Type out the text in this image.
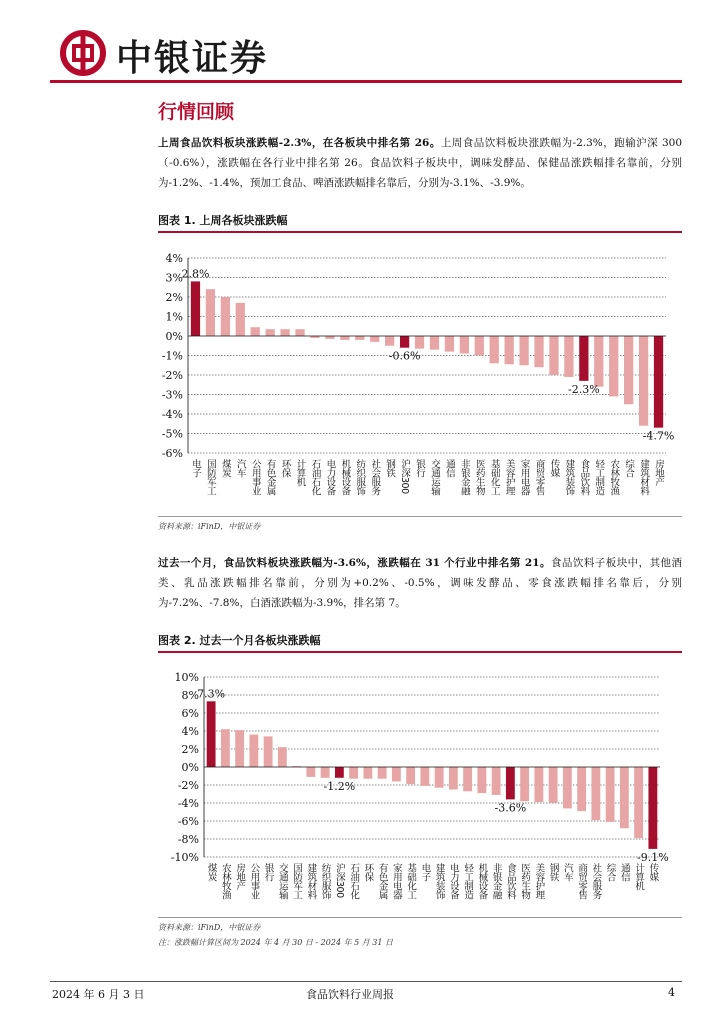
中银证券
行情回顾
上周食品饮料板块涨跌幅-2.3%，在各板块中排名第 26。上周食品饮料板块涨跌幅为-2.3%，跑输沪深 300（-0.6%），涨跌幅在各行业中排名第 26。食品饮料子板块中，调味发酵品、保健品涨跌幅排名靠前，分别为-1.2%、-1.4%，预加工食品、啤酒涨跌幅排名靠后，分别为-3.1%、-3.9%。
图表 1. 上周各板块涨跌幅
4%
3%
2%
1%
0%
-1%
-2%
-3%
-4%
-5%
-6%
2.8%
-0.6%
-2.3%
-4.7%
电子 国防军工 煤炭 汽车 公用事业 有色金属 环保 计算机 石油石化 电力设备 机械设备 纺织服饰 社会服务 钢铁 沪深300 银行 交通运输 通信 非银金融 医药生物 基础化工 美容护理 家用电器 商贸零售 传媒 建筑装饰 食品饮料 轻工制造 农林牧渔 综合 建筑材料 房地产
资料来源：iFinD，中银证券
过去一个月，食品饮料板块涨跌幅为-3.6%，涨跌幅在 31 个行业中排名第 21。食品饮料子板块中，其他酒类、乳品涨跌幅排名靠前，分别为+0.2%、-0.5%，调味发酵品、零食涨跌幅排名靠后，分别为-7.2%、-7.8%，白酒涨跌幅为-3.9%，排名第 7。
图表 2. 过去一个月各板块涨跌幅
10%
8%
6%
4%
2%
0%
-2%
-4%
-6%
-8%
-10%
7.3%
-1.2%
-3.6%
-9.1%
煤炭 农林牧渔 房地产 公用事业 银行 交通运输 国防军工 建筑材料 纺织服饰 沪深300 石油石化 环保 有色金属 家用电器 基础化工 电子 建筑装饰 电力设备 轻工制造 机械设备 非银金融 食品饮料 医药生物 美容护理 钢铁 汽车 商贸零售 社会服务 综合 通信 计算机 传媒
资料来源：iFinD，中银证券
注：涨跌幅计算区间为 2024 年 4 月 30 日 - 2024 年 5 月 31 日
2024 年 6 月 3 日	食品饮料行业周报	4
